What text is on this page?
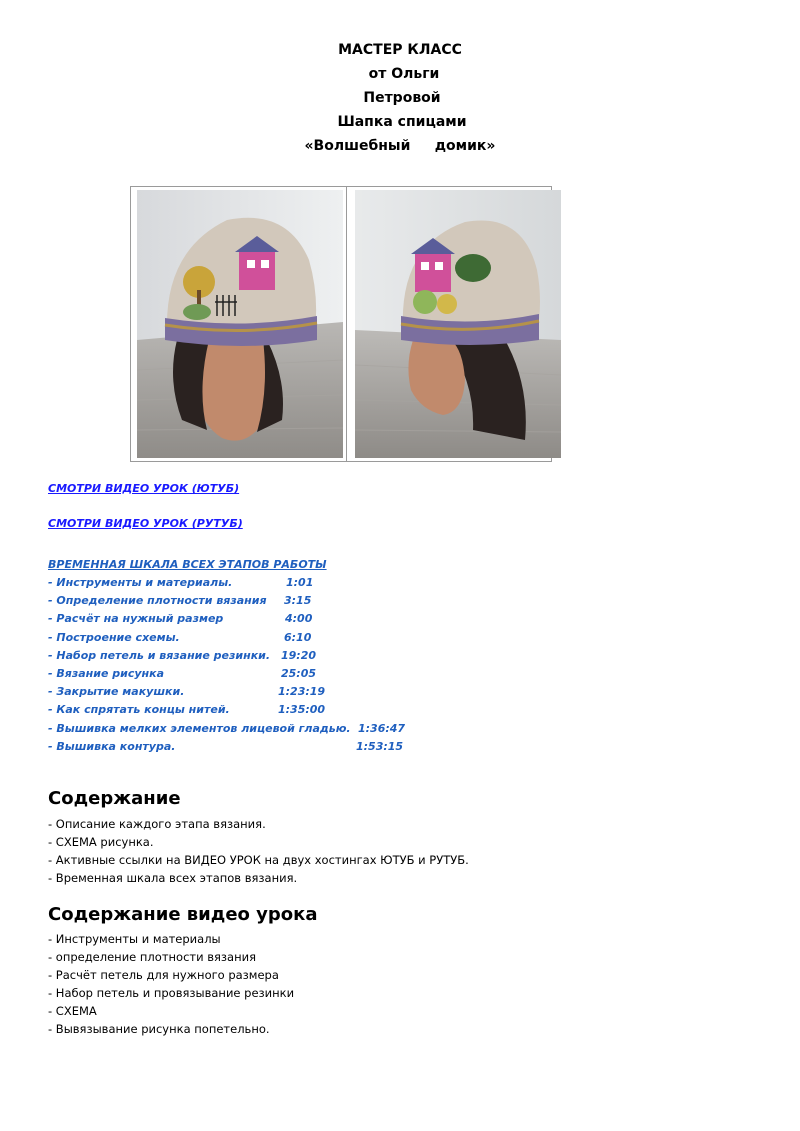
МАСТЕР КЛАСС
от Ольги
Петровой
Шапка спицами
«Волшебный     домик»
СМОТРИ ВИДЕО УРОК (ЮТУБ)
СМОТРИ ВИДЕО УРОК (РУТУБ)
ВРЕМЕННАЯ ШКАЛА ВСЕХ ЭТАПОВ РАБОТЫ
- Инструменты и материалы.	1:01
- Определение плотности вязания 3:15
- Расчёт на нужный размер	4:00
- Построение схемы.	6:10
- Набор петель и вязание резинки. 19:20
- Вязание рисунка	25:05
- Закрытие макушки.	1:23:19
- Как спрятать концы нитей.	1:35:00
- Вышивка мелких элементов лицевой гладью. 1:36:47
- Вышивка контура.	1:53:15
Содержание
- Описание каждого этапа вязания.
- СХЕМА рисунка.
- Активные ссылки на ВИДЕО УРОК на двух хостингах ЮТУБ и РУТУБ.
- Временная шкала всех этапов вязания.
Содержание видео урока
- Инструменты и материалы
- определение плотности вязания
- Расчёт петель для нужного размера
- Набор петель и провязывание резинки
- СХЕМА
- Вывязывание рисунка попетельно.
